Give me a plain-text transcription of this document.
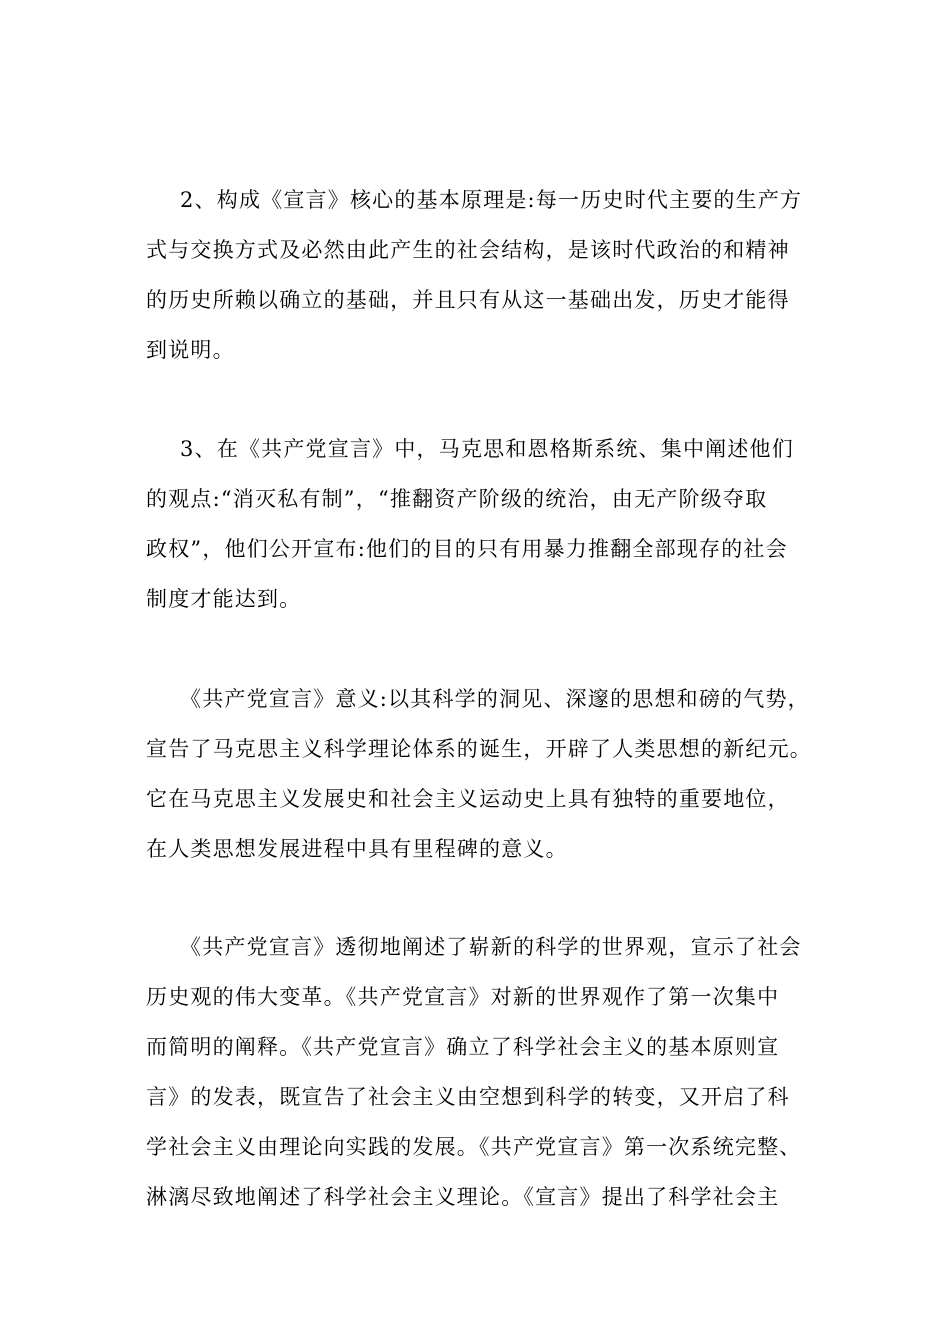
2、构成《宣言》核心的基本原理是:每一历史时代主要的生产方
式与交换方式及必然由此产生的社会结构，是该时代政治的和精神
的历史所赖以确立的基础，并且只有从这一基础出发，历史才能得
到说明。
3、在《共产党宣言》中，马克思和恩格斯系统、集中阐述他们
的观点:“消灭私有制”，“推翻资产阶级的统治，由无产阶级夺取
政权”，他们公开宣布:他们的目的只有用暴力推翻全部现存的社会
制度才能达到。
《共产党宣言》意义:以其科学的洞见、深邃的思想和磅的气势，
宣告了马克思主义科学理论体系的诞生，开辟了人类思想的新纪元。
它在马克思主义发展史和社会主义运动史上具有独特的重要地位，
在人类思想发展进程中具有里程碑的意义。
《共产党宣言》透彻地阐述了崭新的科学的世界观，宣示了社会
历史观的伟大变革。《共产党宣言》对新的世界观作了第一次集中
而简明的阐释。《共产党宣言》确立了科学社会主义的基本原则宣
言》的发表，既宣告了社会主义由空想到科学的转变，又开启了科
学社会主义由理论向实践的发展。《共产党宣言》第一次系统完整、
淋漓尽致地阐述了科学社会主义理论。《宣言》提出了科学社会主
